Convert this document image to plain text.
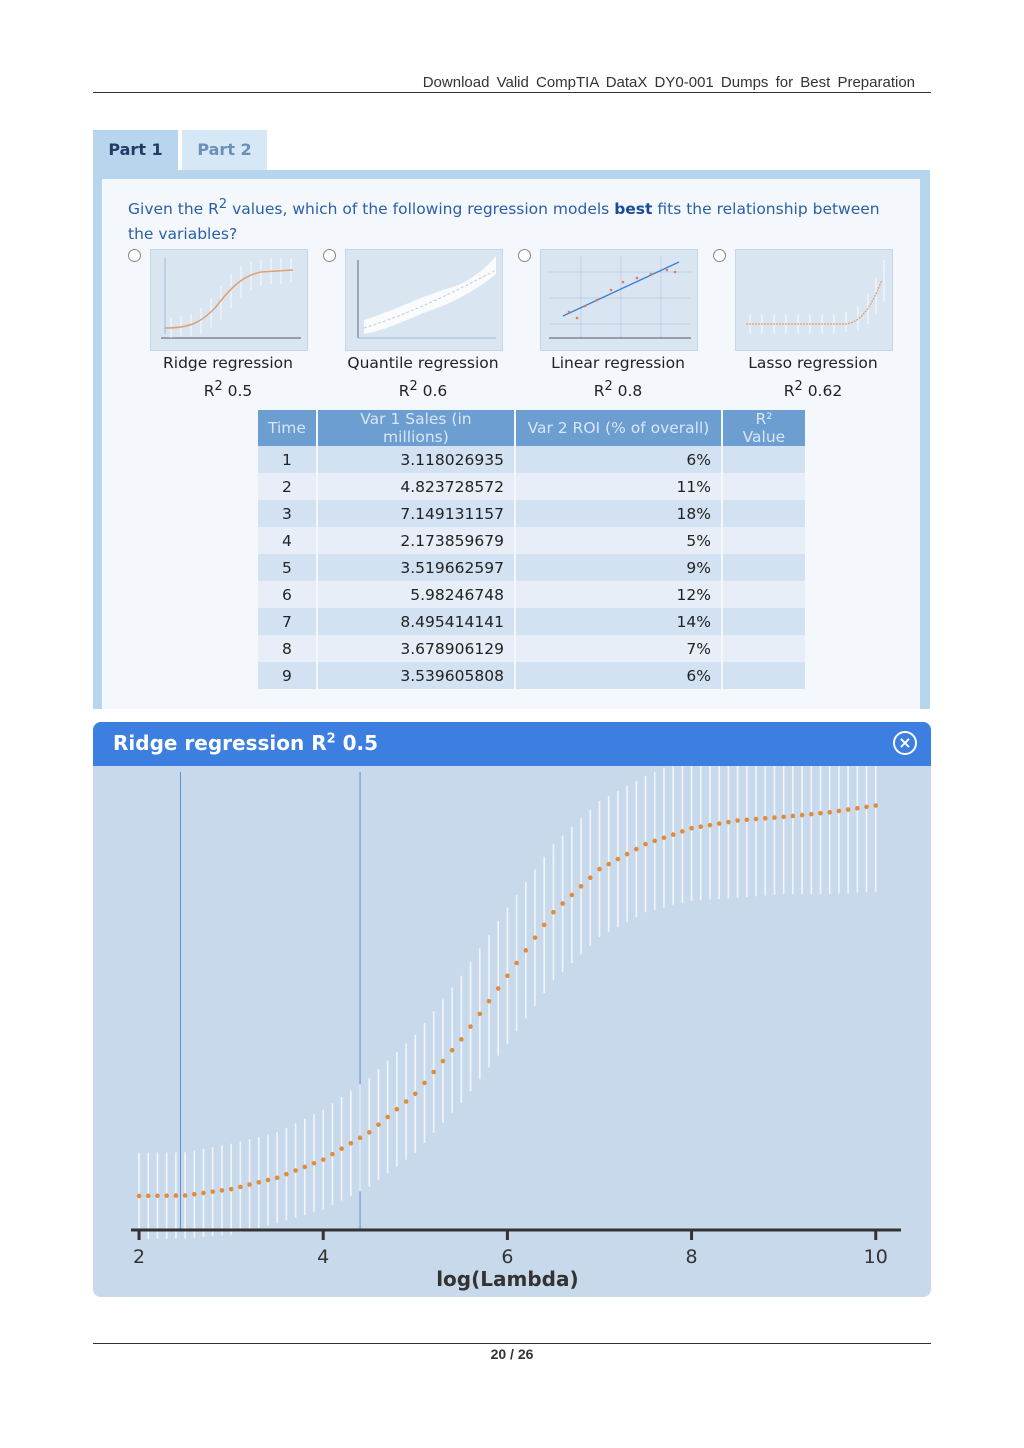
Download Valid CompTIA DataX DY0-001 Dumps for Best Preparation
Part 1	Part 2
Given the $R^2$ values, which of the following regression models best fits the relationship between the variables?
Ridge regression
$R^2$ 0.5
Quantile regression
$R^2$ 0.6
Linear regression
$R^2$ 0.8
Lasso regression
$R^2$ 0.62
Time	Var 1 Sales (in millions)	Var 2 ROI (% of overall)	R² Value
1	3.118026935	6%	
2	4.823728572	11%	
3	7.149131157	18%	
4	2.173859679	5%	
5	3.519662597	9%	
6	5.98246748	12%	
7	8.495414141	14%	
8	3.678906129	7%	
9	3.539605808	6%	
Ridge regression $R^2$ 0.5	×
2	4	6	8	10
log(Lambda)
20 / 26
